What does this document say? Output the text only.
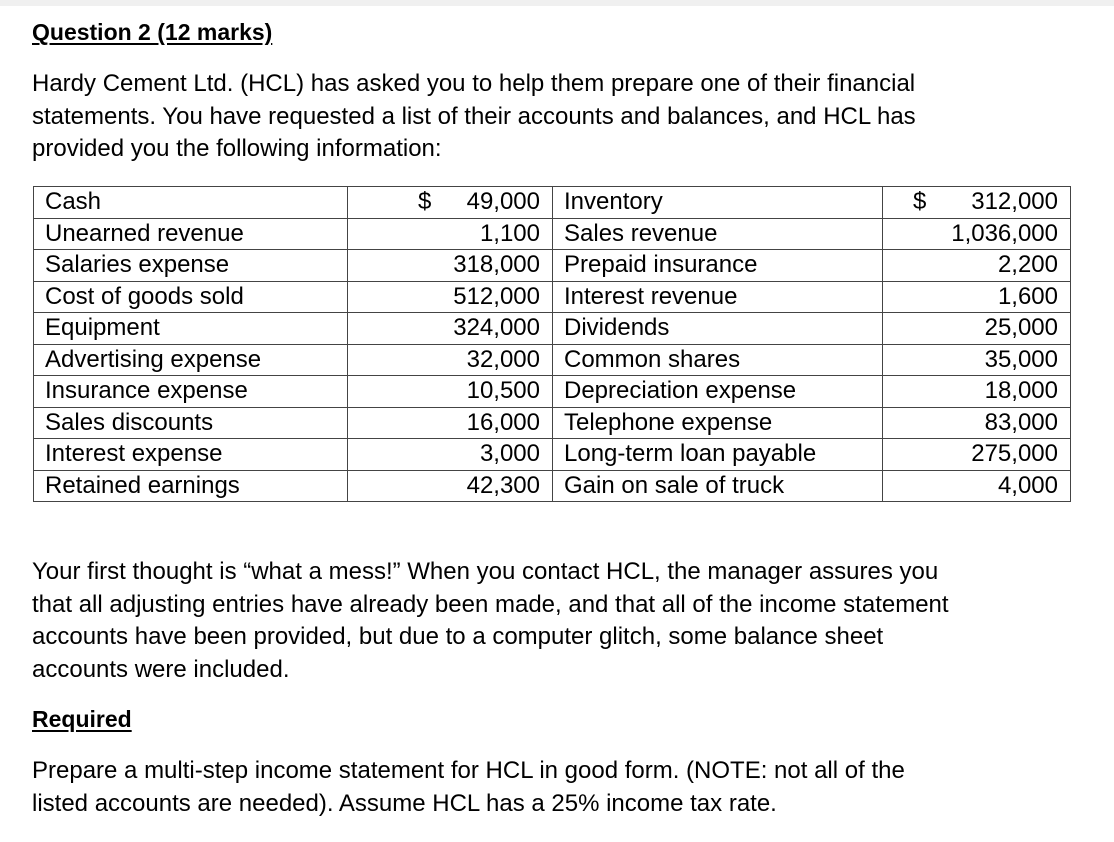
Question 2 (12 marks)
Hardy Cement Ltd. (HCL) has asked you to help them prepare one of their financial
statements. You have requested a list of their accounts and balances, and HCL has
provided you the following information:
Cash	$ 49,000	Inventory	$ 312,000

Unearned revenue	1,100	Sales revenue	1,036,000
Salaries expense	318,000	Prepaid insurance	2,200
Cost of goods sold	512,000	Interest revenue	1,600
Equipment	324,000	Dividends	25,000
Advertising expense	32,000	Common shares	35,000
Insurance expense	10,500	Depreciation expense	18,000
Sales discounts	16,000	Telephone expense	83,000
Interest expense	3,000	Long-term loan payable	275,000
Retained earnings	42,300	Gain on sale of truck	4,000
Your first thought is “what a mess!” When you contact HCL, the manager assures you
that all adjusting entries have already been made, and that all of the income statement
accounts have been provided, but due to a computer glitch, some balance sheet
accounts were included.
Required
Prepare a multi-step income statement for HCL in good form. (NOTE: not all of the
listed accounts are needed). Assume HCL has a 25% income tax rate.
